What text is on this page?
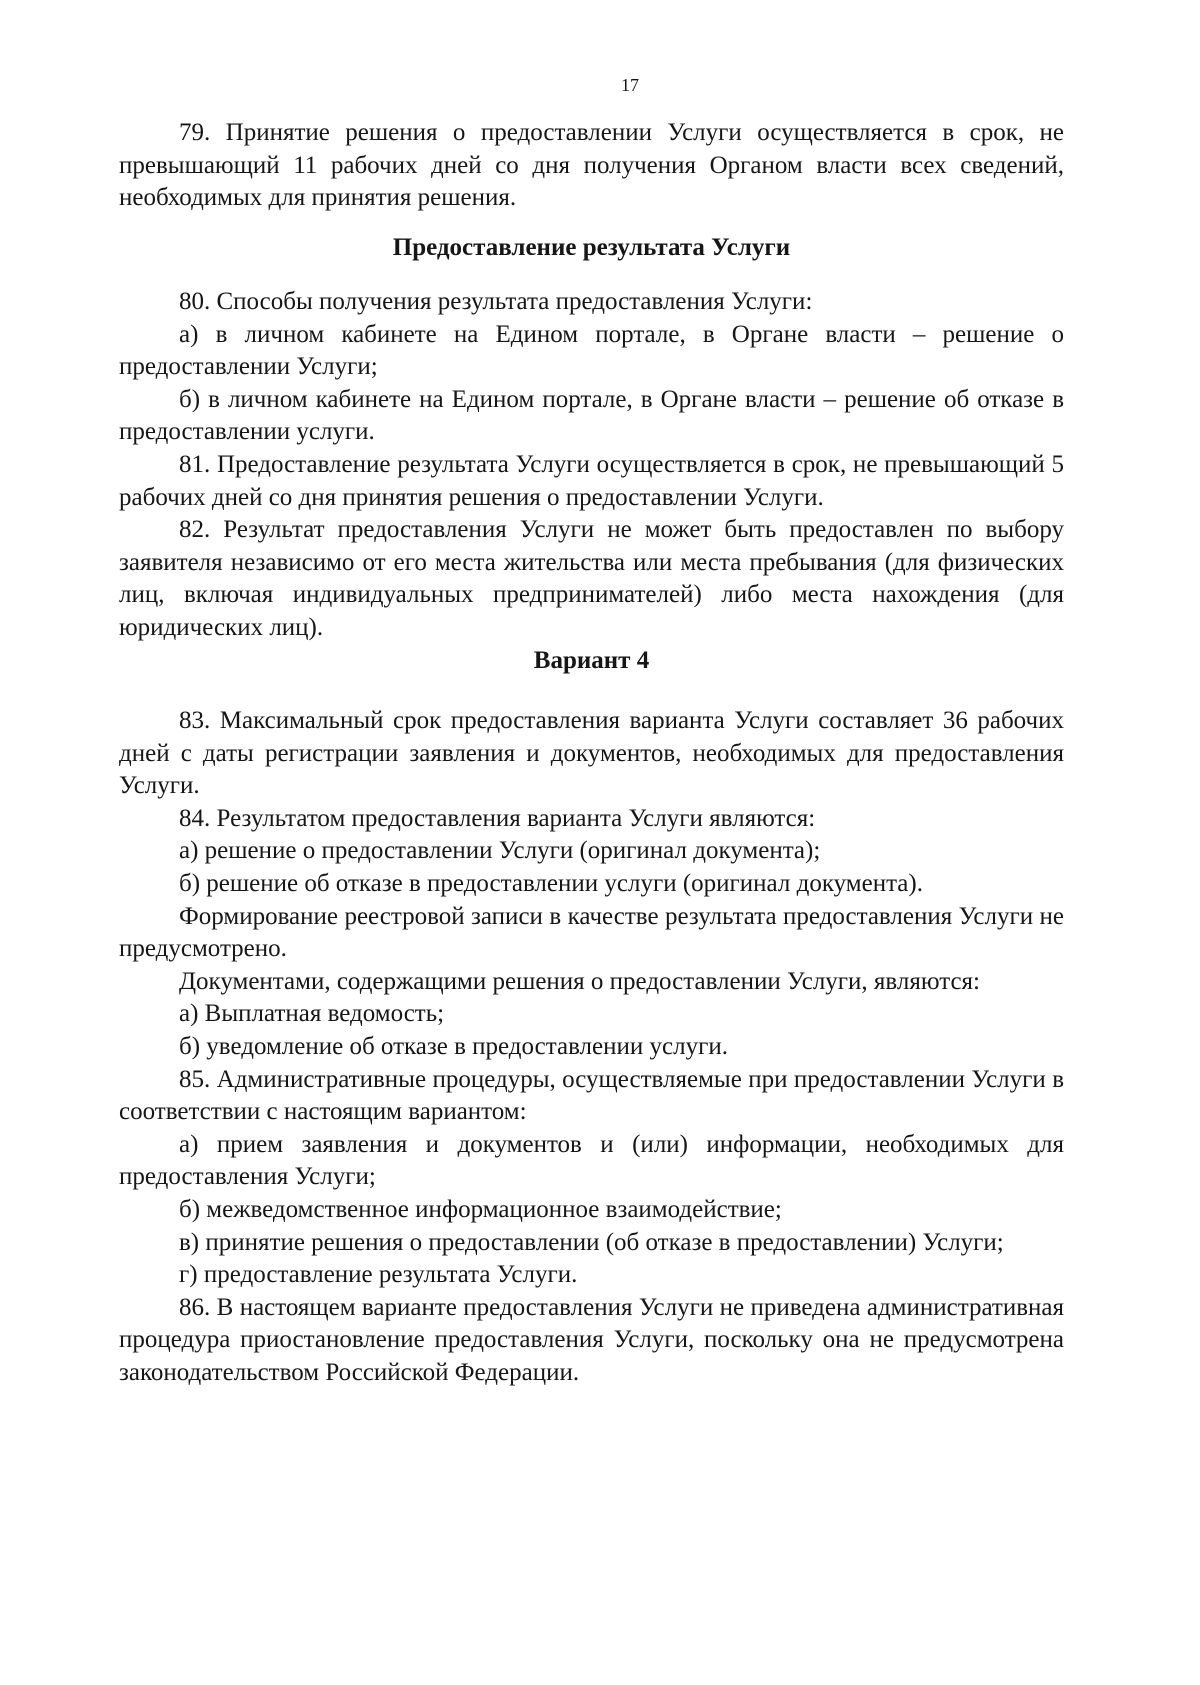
17

79. Принятие решения о предоставлении Услуги осуществляется в срок, не превышающий 11 рабочих дней со дня получения Органом власти всех сведений, необходимых для принятия решения.

Предоставление результата Услуги

80. Способы получения результата предоставления Услуги:

а) в личном кабинете на Едином портале, в Органе власти – решение о предоставлении Услуги;

б) в личном кабинете на Едином портале, в Органе власти – решение об отказе в предоставлении услуги.

81. Предоставление результата Услуги осуществляется в срок, не превышающий 5 рабочих дней со дня принятия решения о предоставлении Услуги.

82. Результат предоставления Услуги не может быть предоставлен по выбору заявителя независимо от его места жительства или места пребывания (для физических лиц, включая индивидуальных предпринимателей) либо места нахождения (для юридических лиц).

Вариант 4

83. Максимальный срок предоставления варианта Услуги составляет 36 рабочих дней с даты регистрации заявления и документов, необходимых для предоставления Услуги.

84. Результатом предоставления варианта Услуги являются:

а) решение о предоставлении Услуги (оригинал документа);

б) решение об отказе в предоставлении услуги (оригинал документа).

Формирование реестровой записи в качестве результата предоставления Услуги не предусмотрено.

Документами, содержащими решения о предоставлении Услуги, являются:

а) Выплатная ведомость;

б) уведомление об отказе в предоставлении услуги.

85. Административные процедуры, осуществляемые при предоставлении Услуги в соответствии с настоящим вариантом:

а) прием заявления и документов и (или) информации, необходимых для предоставления Услуги;

б) межведомственное информационное взаимодействие;

в) принятие решения о предоставлении (об отказе в предоставлении) Услуги;

г) предоставление результата Услуги.

86. В настоящем варианте предоставления Услуги не приведена административная процедура приостановление предоставления Услуги, поскольку она не предусмотрена законодательством Российской Федерации.
